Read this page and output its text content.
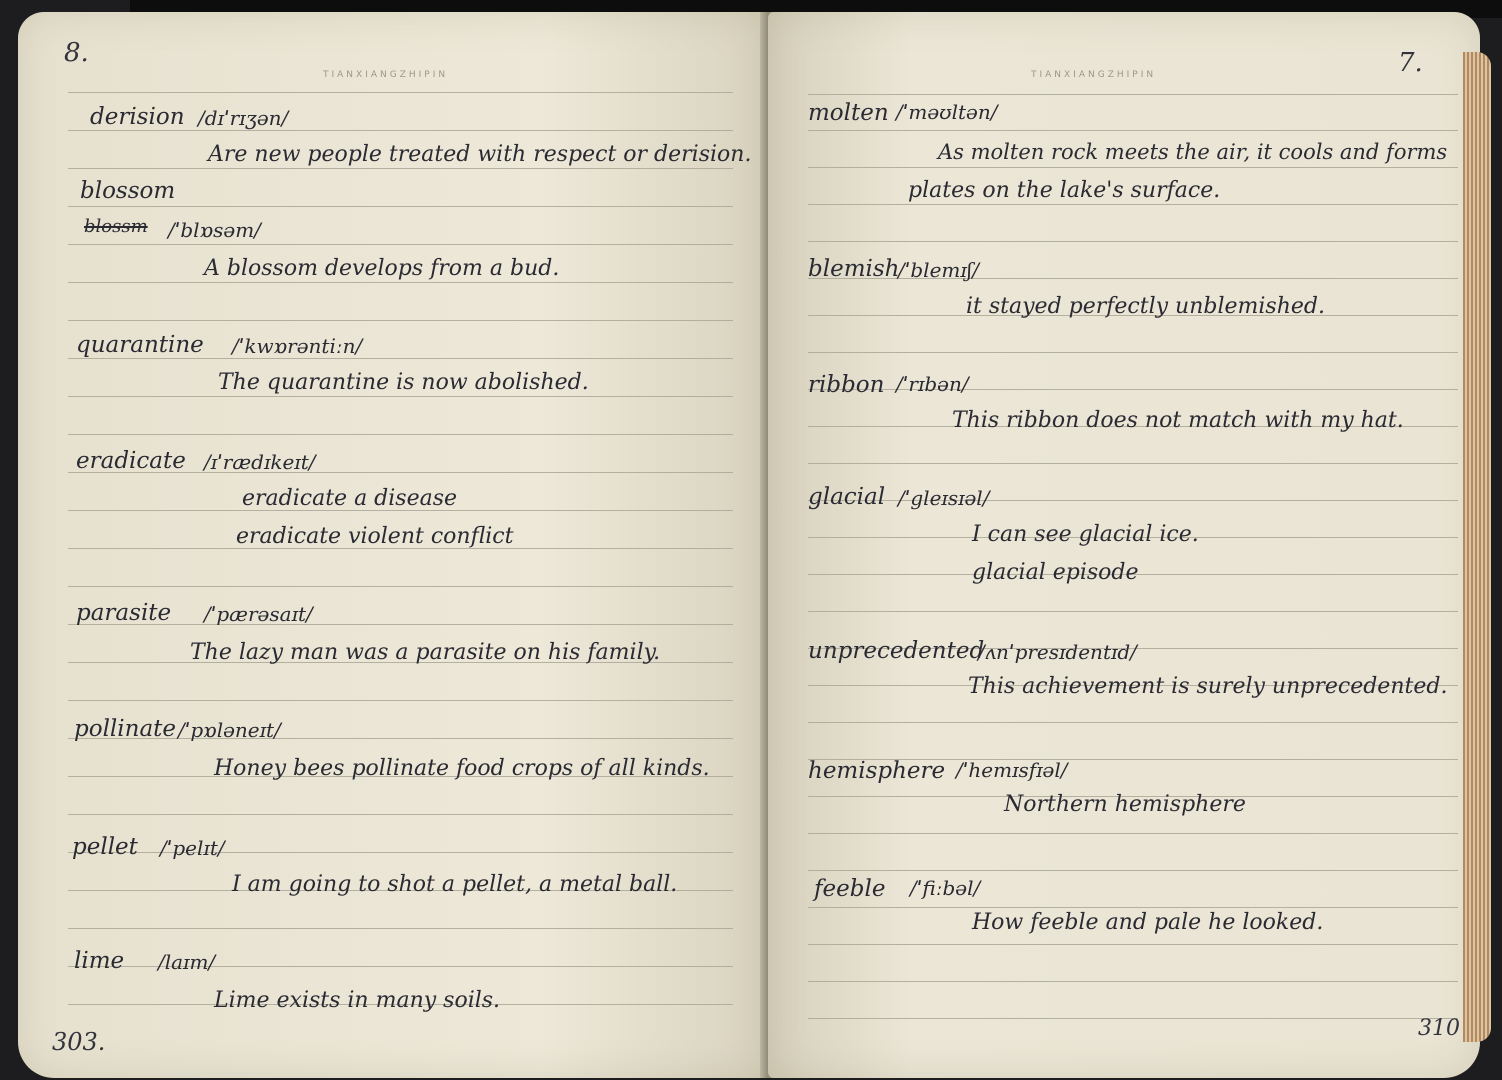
TIANXIANGZHIPIN
8.
derision /dɪˈrɪʒən/
Are new people treated with respect or derision.
blossom
blossm /ˈblɒsəm/
A blossom develops from a bud.
quarantine /ˈkwɒrəntiːn/
The quarantine is now abolished.
eradicate /ɪˈrædɪkeɪt/
eradicate a disease
eradicate violent conflict
parasite /ˈpærəsaɪt/
The lazy man was a parasite on his family.
pollinate /ˈpɒləneɪt/
Honey bees pollinate food crops of all kinds.
pellet /ˈpelɪt/
I am going to shot a pellet, a metal ball.
lime /laɪm/
Lime exists in many soils.
303.
TIANXIANGZHIPIN	7.
molten /ˈməʊltən/
As molten rock meets the air, it cools and forms
plates on the lake's surface.
blemish
/ˈblemɪʃ/
it stayed perfectly unblemished.
ribbon /ˈrɪbən/
This ribbon does not match with my hat.
glacial /ˈgleɪsɪəl/
I can see glacial ice.
glacial episode
unprecedented
/ʌnˈpresɪdentɪd/
This achievement is surely unprecedented.
hemisphere /ˈhemɪsfɪəl/
Northern hemisphere
feeble /ˈfiːbəl/
How feeble and pale he looked.
310
